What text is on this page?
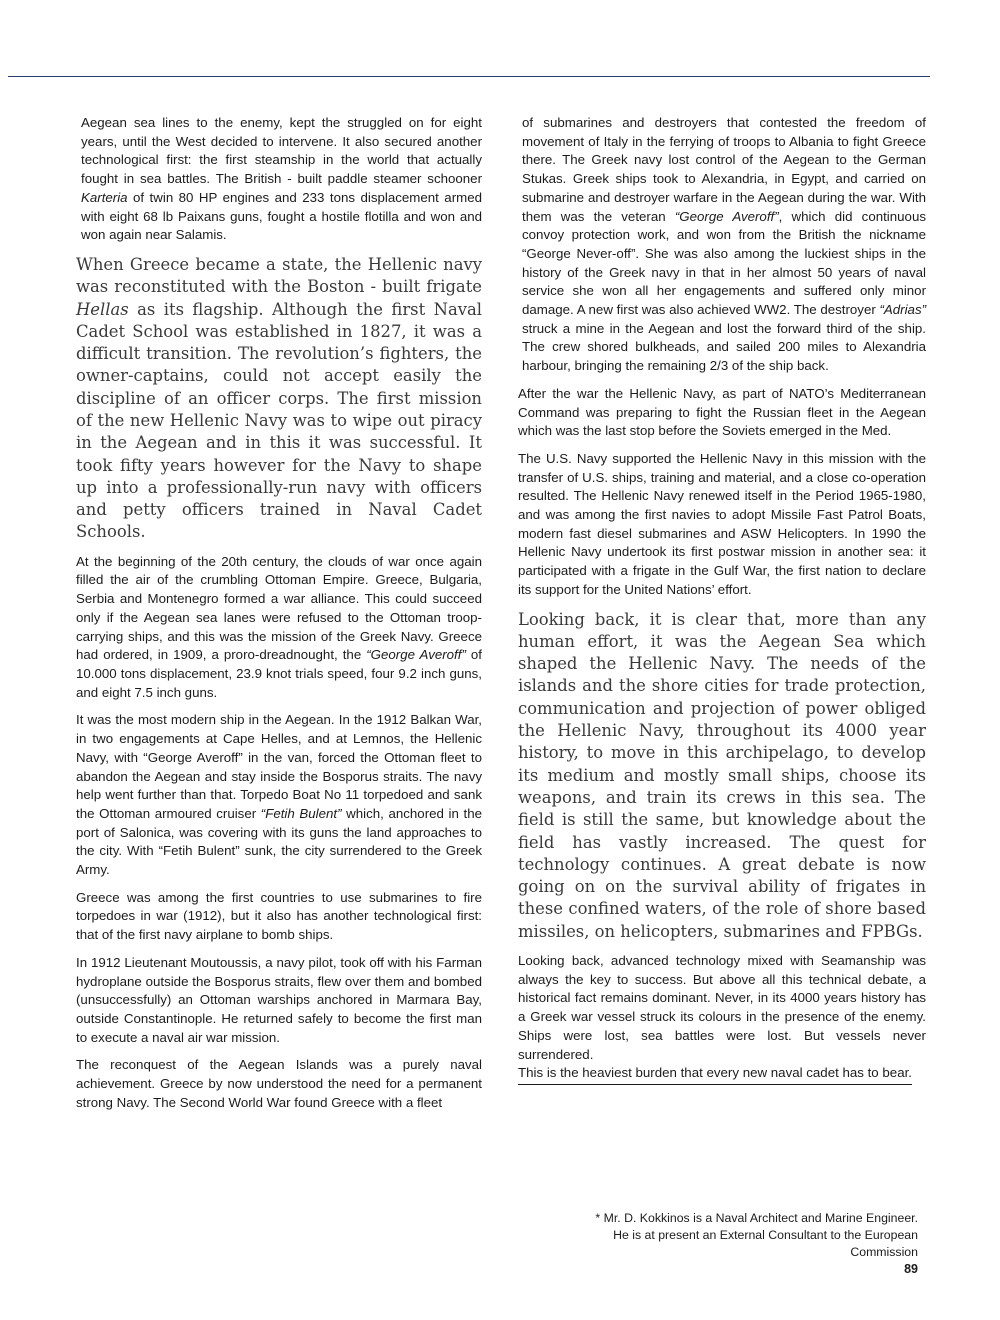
Aegean sea lines to the enemy, kept the struggled on for eight years, until the West decided to intervene. It also secured another technological first: the first steamship in the world that actually fought in sea battles. The British - built paddle steamer schooner Karteria of twin 80 HP engines and 233 tons displacement armed with eight 68 lb Paixans guns, fought a hostile flotilla and won and won again near Salamis.

When Greece became a state, the Hellenic navy was reconstituted with the Boston - built frigate Hellas as its flagship. Although the first Naval Cadet School was established in 1827, it was a difficult transition. The revolution’s fighters, the owner-captains, could not accept easily the discipline of an officer corps. The first mission of the new Hellenic Navy was to wipe out piracy in the Aegean and in this it was successful. It took fifty years however for the Navy to shape up into a professionally-run navy with officers and petty officers trained in Naval Cadet Schools.

At the beginning of the 20th century, the clouds of war once again filled the air of the crumbling Ottoman Empire. Greece, Bulgaria, Serbia and Montenegro formed a war alliance. This could succeed only if the Aegean sea lanes were refused to the Ottoman troop-carrying ships, and this was the mission of the Greek Navy. Greece had ordered, in 1909, a proro-dreadnought, the “George Averoff” of 10.000 tons displacement, 23.9 knot trials speed, four 9.2 inch guns, and eight 7.5 inch guns.

It was the most modern ship in the Aegean. In the 1912 Balkan War, in two engagements at Cape Helles, and at Lemnos, the Hellenic Navy, with “George Averoff” in the van, forced the Ottoman fleet to abandon the Aegean and stay inside the Bosporus straits. The navy help went further than that. Torpedo Boat No 11 torpedoed and sank the Ottoman armoured cruiser “Fetih Bulent” which, anchored in the port of Salonica, was covering with its guns the land approaches to the city. With “Fetih Bulent” sunk, the city surrendered to the Greek Army.

Greece was among the first countries to use submarines to fire torpedoes in war (1912), but it also has another technological first: that of the first navy airplane to bomb ships.

In 1912 Lieutenant Moutoussis, a navy pilot, took off with his Farman hydroplane outside the Bosporus straits, flew over them and bombed (unsuccessfully) an Ottoman warships anchored in Marmara Bay, outside Constantinople. He returned safely to become the first man to execute a naval air war mission.

The reconquest of the Aegean Islands was a purely naval achievement. Greece by now understood the need for a permanent strong Navy. The Second World War found Greece with a fleet

of submarines and destroyers that contested the freedom of movement of Italy in the ferrying of troops to Albania to fight Greece there. The Greek navy lost control of the Aegean to the German Stukas. Greek ships took to Alexandria, in Egypt, and carried on submarine and destroyer warfare in the Aegean during the war. With them was the veteran “George Averoff”, which did continuous convoy protection work, and won from the British the nickname “George Never-off”. She was also among the luckiest ships in the history of the Greek navy in that in her almost 50 years of naval service she won all her engagements and suffered only minor damage. A new first was also achieved WW2. The destroyer “Adrias” struck a mine in the Aegean and lost the forward third of the ship. The crew shored bulkheads, and sailed 200 miles to Alexandria harbour, bringing the remaining 2/3 of the ship back.

After the war the Hellenic Navy, as part of NATO’s Mediterranean Command was preparing to fight the Russian fleet in the Aegean which was the last stop before the Soviets emerged in the Med.

The U.S. Navy supported the Hellenic Navy in this mission with the transfer of U.S. ships, training and material, and a close co-operation resulted. The Hellenic Navy renewed itself in the Period 1965-1980, and was among the first navies to adopt Missile Fast Patrol Boats, modern fast diesel submarines and ASW Helicopters. In 1990 the Hellenic Navy undertook its first postwar mission in another sea: it participated with a frigate in the Gulf War, the first nation to declare its support for the United Nations’ effort.

Looking back, it is clear that, more than any human effort, it was the Aegean Sea which shaped the Hellenic Navy. The needs of the islands and the shore cities for trade protection, communication and projection of power obliged the Hellenic Navy, throughout its 4000 year history, to move in this archipelago, to develop its medium and mostly small ships, choose its weapons, and train its crews in this sea. The field is still the same, but knowledge about the field has vastly increased. The quest for technology continues. A great debate is now going on on the survival ability of frigates in these confined waters, of the role of shore based missiles, on helicopters, submarines and FPBGs.

Looking back, advanced technology mixed with Seamanship was always the key to success. But above all this technical debate, a historical fact remains dominant. Never, in its 4000 years history has a Greek war vessel struck its colours in the presence of the enemy. Ships were lost, sea battles were lost. But vessels never surrendered. This is the heaviest burden that every new naval cadet has to bear.

* Mr. D. Kokkinos is a Naval Architect and Marine Engineer.

He is at present an External Consultant to the European

Commission

89
